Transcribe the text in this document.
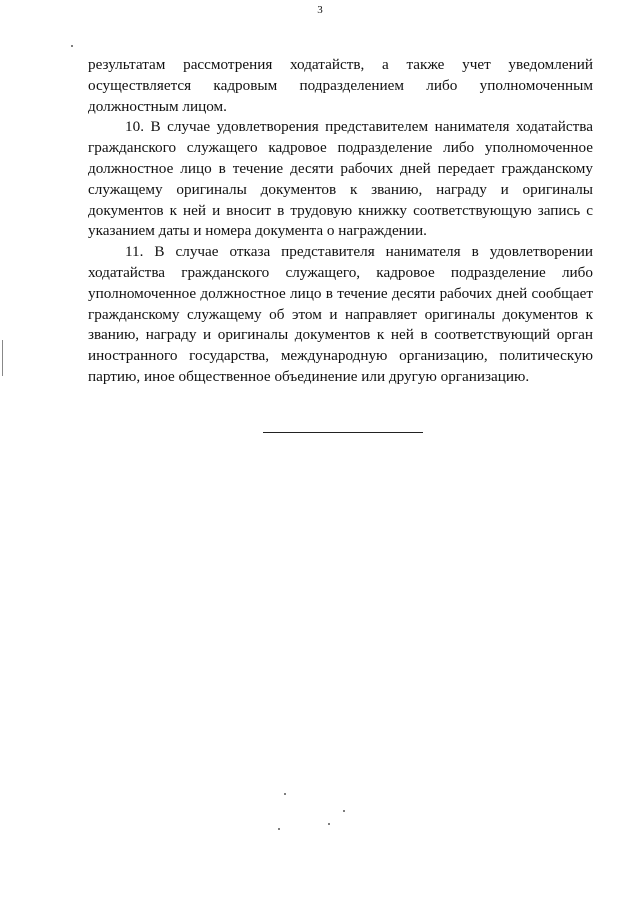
3

результатам рассмотрения ходатайств, а также учет уведомлений осуществляется кадровым подразделением либо уполномоченным должностным лицом.

10. В случае удовлетворения представителем нанимателя ходатайства гражданского служащего кадровое подразделение либо уполномоченное должностное лицо в течение десяти рабочих дней передает гражданскому служащему оригиналы документов к званию, награду и оригиналы документов к ней и вносит в трудовую книжку соответствующую запись с указанием даты и номера документа о награждении.

11. В случае отказа представителя нанимателя в удовлетворении ходатайства гражданского служащего, кадровое подразделение либо уполномоченное должностное лицо в течение десяти рабочих дней сообщает гражданскому служащему об этом и направляет оригиналы документов к званию, награду и оригиналы документов к ней в соответствующий орган иностранного государства, международную организацию, политическую партию, иное общественное объединение или другую организацию.
